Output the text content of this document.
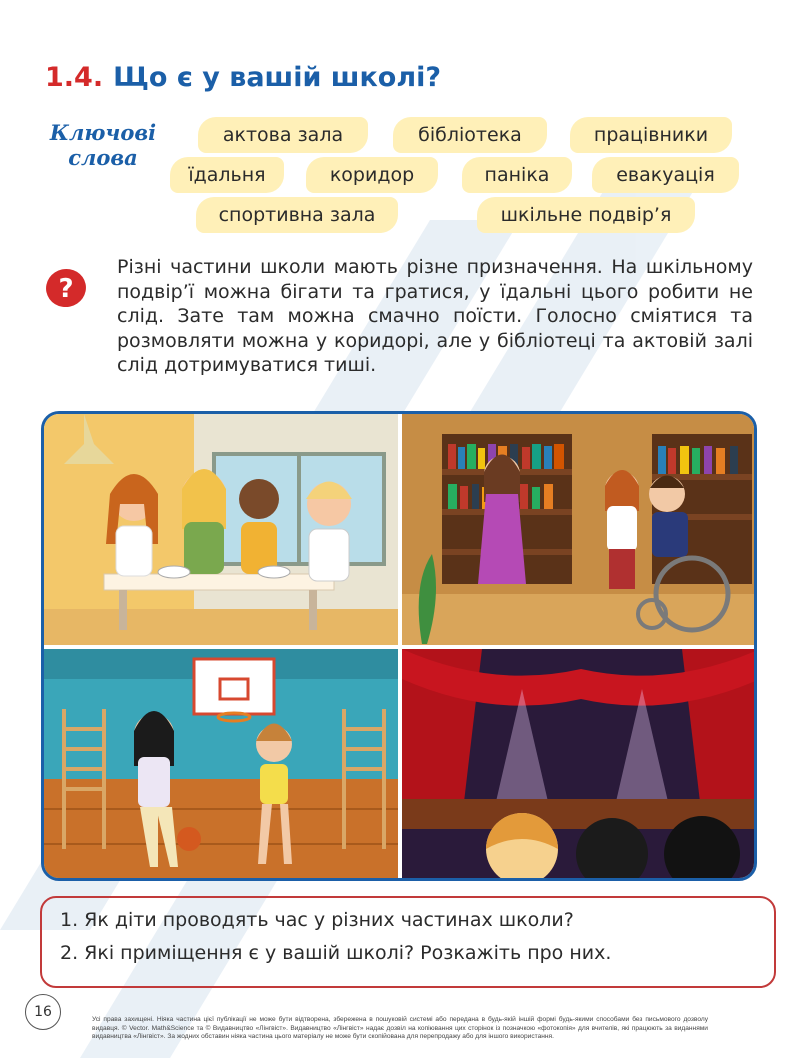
1.4. Що є у вашій школі?
Ключові
слова
актова зала	бібліотека	працівники
їдальня	коридор	паніка	евакуація
спортивна зала	шкільне подвір’я
?

Різні частини школи мають різне призначення. На шкільному подвір’ї можна бігати та гратися, у їдальні цього робити не слід. Зате там можна смачно поїсти. Голосно сміятися та розмовляти можна у коридорі, але у бібліотеці та актовій залі слід дотримуватися тиші.

1. Як діти проводять час у різних частинах школи?
2. Які приміщення є у вашій школі? Розкажіть про них.
16	Усі права захищені. Ніяка частина цієї публікації не може бути відтворена, збережена в пошуковій системі або передана в будь-якій іншій формі будь-якими способами без письмового дозволу видавця. © Vector. Math&Science та © Видавництво «Лінгвіст». Видавництво «Лінгвіст» надає дозвіл на копіювання цих сторінок із позначкою «фотокопія» для вчителів, які працюють за виданнями видавництва «Лінгвіст». За жодних обставин ніяка частина цього матеріалу не може бути скопійована для перепродажу або для іншого використання.
